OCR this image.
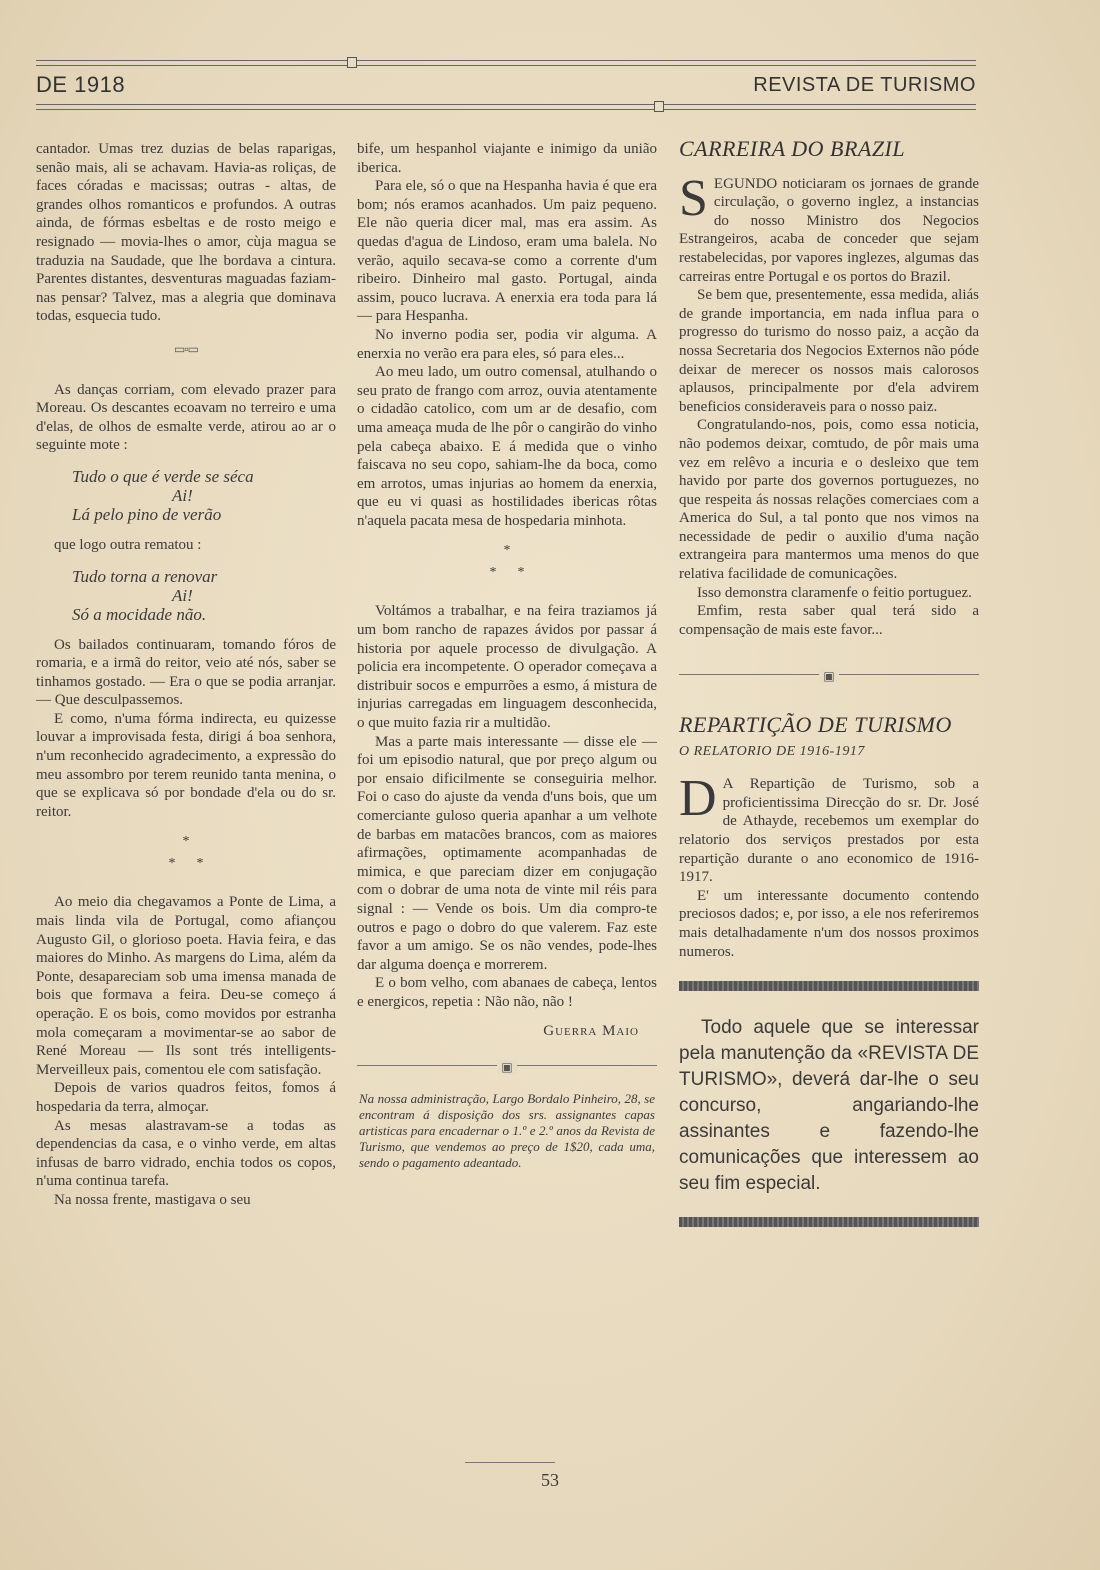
DE 1918	REVISTA DE TURISMO

cantador. Umas trez duzias de belas raparigas, senão mais, ali se achavam. Havia-as roliças, de faces córadas e macissas; outras - altas, de grandes olhos romanticos e profundos. A outras ainda, de fórmas esbeltas e de rosto meigo e resignado — movia-lhes o amor, cùja magua se traduzia na Saudade, que lhe bordava a cintura. Parentes distantes, desventuras maguadas faziam-nas pensar? Talvez, mas a alegria que dominava todas, esquecia tudo.

▭▫▭

As danças corriam, com elevado prazer para Moreau. Os descantes ecoavam no terreiro e uma d'elas, de olhos de esmalte verde, atirou ao ar o seguinte mote :

Tudo o que é verde se séca
Ai!
Lá pelo pino de verão

que logo outra rematou :

Tudo torna a renovar
Ai!
Só a mocidade não.

Os bailados continuaram, tomando fóros de romaria, e a irmã do reitor, veio até nós, saber se tinhamos gostado. — Era o que se podia arranjar. — Que desculpassemos.

E como, n'uma fórma indirecta, eu quizesse louvar a improvisada festa, dirigi á boa senhora, n'um reconhecido agradecimento, a expressão do meu assombro por terem reunido tanta menina, o que se explicava só por bondade d'ela ou do sr. reitor.

*
*      *

Ao meio dia chegavamos a Ponte de Lima, a mais linda vila de Portugal, como afiançou Augusto Gil, o glorioso poeta. Havia feira, e das maiores do Minho. As margens do Lima, além da Ponte, desapareciam sob uma imensa manada de bois que formava a feira. Deu-se começo á operação. E os bois, como movidos por estranha mola começaram a movimentar-se ao sabor de René Moreau — Ils sont trés intelligents-Merveilleux pais, comentou ele com satisfação.

Depois de varios quadros feitos, fomos á hospedaria da terra, almoçar.

As mesas alastravam-se a todas as dependencias da casa, e o vinho verde, em altas infusas de barro vidrado, enchia todos os copos, n'uma continua tarefa.

Na nossa frente, mastigava o seu

bife, um hespanhol viajante e inimigo da união iberica.

Para ele, só o que na Hespanha havia é que era bom; nós eramos acanhados. Um paiz pequeno. Ele não queria dicer mal, mas era assim. As quedas d'agua de Lindoso, eram uma balela. No verão, aquilo secava-se como a corrente d'um ribeiro. Dinheiro mal gasto. Portugal, ainda assim, pouco lucrava. A enerxia era toda para lá — para Hespanha.

No inverno podia ser, podia vir alguma. A enerxia no verão era para eles, só para eles...

Ao meu lado, um outro comensal, atulhando o seu prato de frango com arroz, ouvia atentamente o cidadão catolico, com um ar de desafio, com uma ameaça muda de lhe pôr o cangirão do vinho pela cabeça abaixo. E á medida que o vinho faiscava no seu copo, sahiam-lhe da boca, como em arrotos, umas injurias ao homem da enerxia, que eu vi quasi as hostilidades ibericas rôtas n'aquela pacata mesa de hospedaria minhota.

*
*      *

Voltámos a trabalhar, e na feira traziamos já um bom rancho de rapazes ávidos por passar á historia por aquele processo de divulgação. A policia era incompetente. O operador começava a distribuir socos e empurrões a esmo, á mistura de injurias carregadas em linguagem desconhecida, o que muito fazia rir a multidão.

Mas a parte mais interessante — disse ele — foi um episodio natural, que por preço algum ou por ensaio dificilmente se conseguiria melhor. Foi o caso do ajuste da venda d'uns bois, que um comerciante guloso queria apanhar a um velhote de barbas em matacões brancos, com as maiores afirmações, optimamente acompanhadas de mimica, e que pareciam dizer em conjugação com o dobrar de uma nota de vinte mil réis para signal : — Vende os bois. Um dia compro-te outros e pago o dobro do que valerem. Faz este favor a um amigo. Se os não vendes, pode-lhes dar alguma doença e morrerem.

E o bom velho, com abanaes de cabeça, lentos e energicos, repetia : Não não, não !

Guerra Maio
▣
Na nossa administração, Largo Bordalo Pinheiro, 28, se encontram á disposição dos srs. assignantes capas artisticas para encadernar o 1.º e 2.º anos da Revista de Turismo, que vendemos ao preço de 1$20, cada uma, sendo o pagamento adeantado.
CARREIRA DO BRAZIL

SEGUNDO noticiaram os jornaes de grande circulação, o governo inglez, a instancias do nosso Ministro dos Negocios Estrangeiros, acaba de conceder que sejam restabelecidas, por vapores inglezes, algumas das carreiras entre Portugal e os portos do Brazil.

Se bem que, presentemente, essa medida, aliás de grande importancia, em nada influa para o progresso do turismo do nosso paiz, a acção da nossa Secretaria dos Negocios Externos não póde deixar de merecer os nossos mais calorosos aplausos, principalmente por d'ela advirem beneficios consideraveis para o nosso paiz.

Congratulando-nos, pois, como essa noticia, não podemos deixar, comtudo, de pôr mais uma vez em relêvo a incuria e o desleixo que tem havido por parte dos governos portuguezes, no que respeita ás nossas relações comerciaes com a America do Sul, a tal ponto que nos vimos na necessidade de pedir o auxilio d'uma nação extrangeira para mantermos uma menos do que relativa facilidade de comunicações.

Isso demonstra claramenfe o feitio portuguez.

Emfim, resta saber qual terá sido a compensação de mais este favor...

▣
REPARTIÇÃO DE TURISMO
O RELATORIO DE 1916-1917

D A Repartição de Turismo, sob a proficientissima Direcção do sr. Dr. José de Athayde, recebemos um exemplar do relatorio dos serviços prestados por esta repartição durante o ano economico de 1916-1917.

E' um interessante documento contendo preciosos dados; e, por isso, a ele nos referiremos mais detalhadamente n'um dos nossos proximos numeros.

Todo aquele que se interessar pela manutenção da «REVISTA DE TURISMO», deverá dar-lhe o seu concurso, angariando-lhe assinantes e fazendo-lhe comunicações que interessem ao seu fim especial.
53
